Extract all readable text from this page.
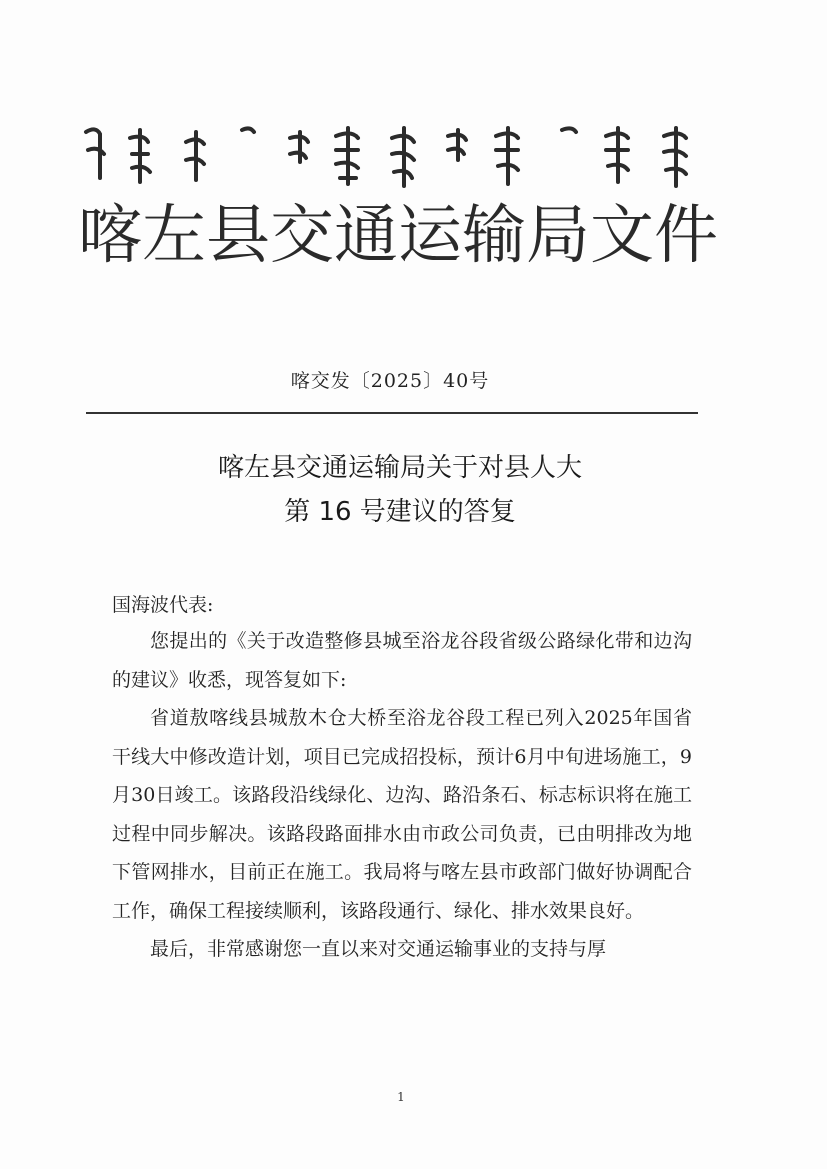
喀左县交通运输局文件
喀交发〔2025〕40号
喀左县交通运输局关于对县人大
第 16 号建议的答复
国海波代表:

您提出的《关于改造整修县城至浴龙谷段省级公路绿化带和边沟的建议》收悉，现答复如下:

省道敖喀线县城敖木仓大桥至浴龙谷段工程已列入2025年国省干线大中修改造计划，项目已完成招投标，预计6月中旬进场施工，9月30日竣工。该路段沿线绿化、边沟、路沿条石、标志标识将在施工过程中同步解决。该路段路面排水由市政公司负责，已由明排改为地下管网排水，目前正在施工。我局将与喀左县市政部门做好协调配合工作，确保工程接续顺利，该路段通行、绿化、排水效果良好。

最后，非常感谢您一直以来对交通运输事业的支持与厚

1
